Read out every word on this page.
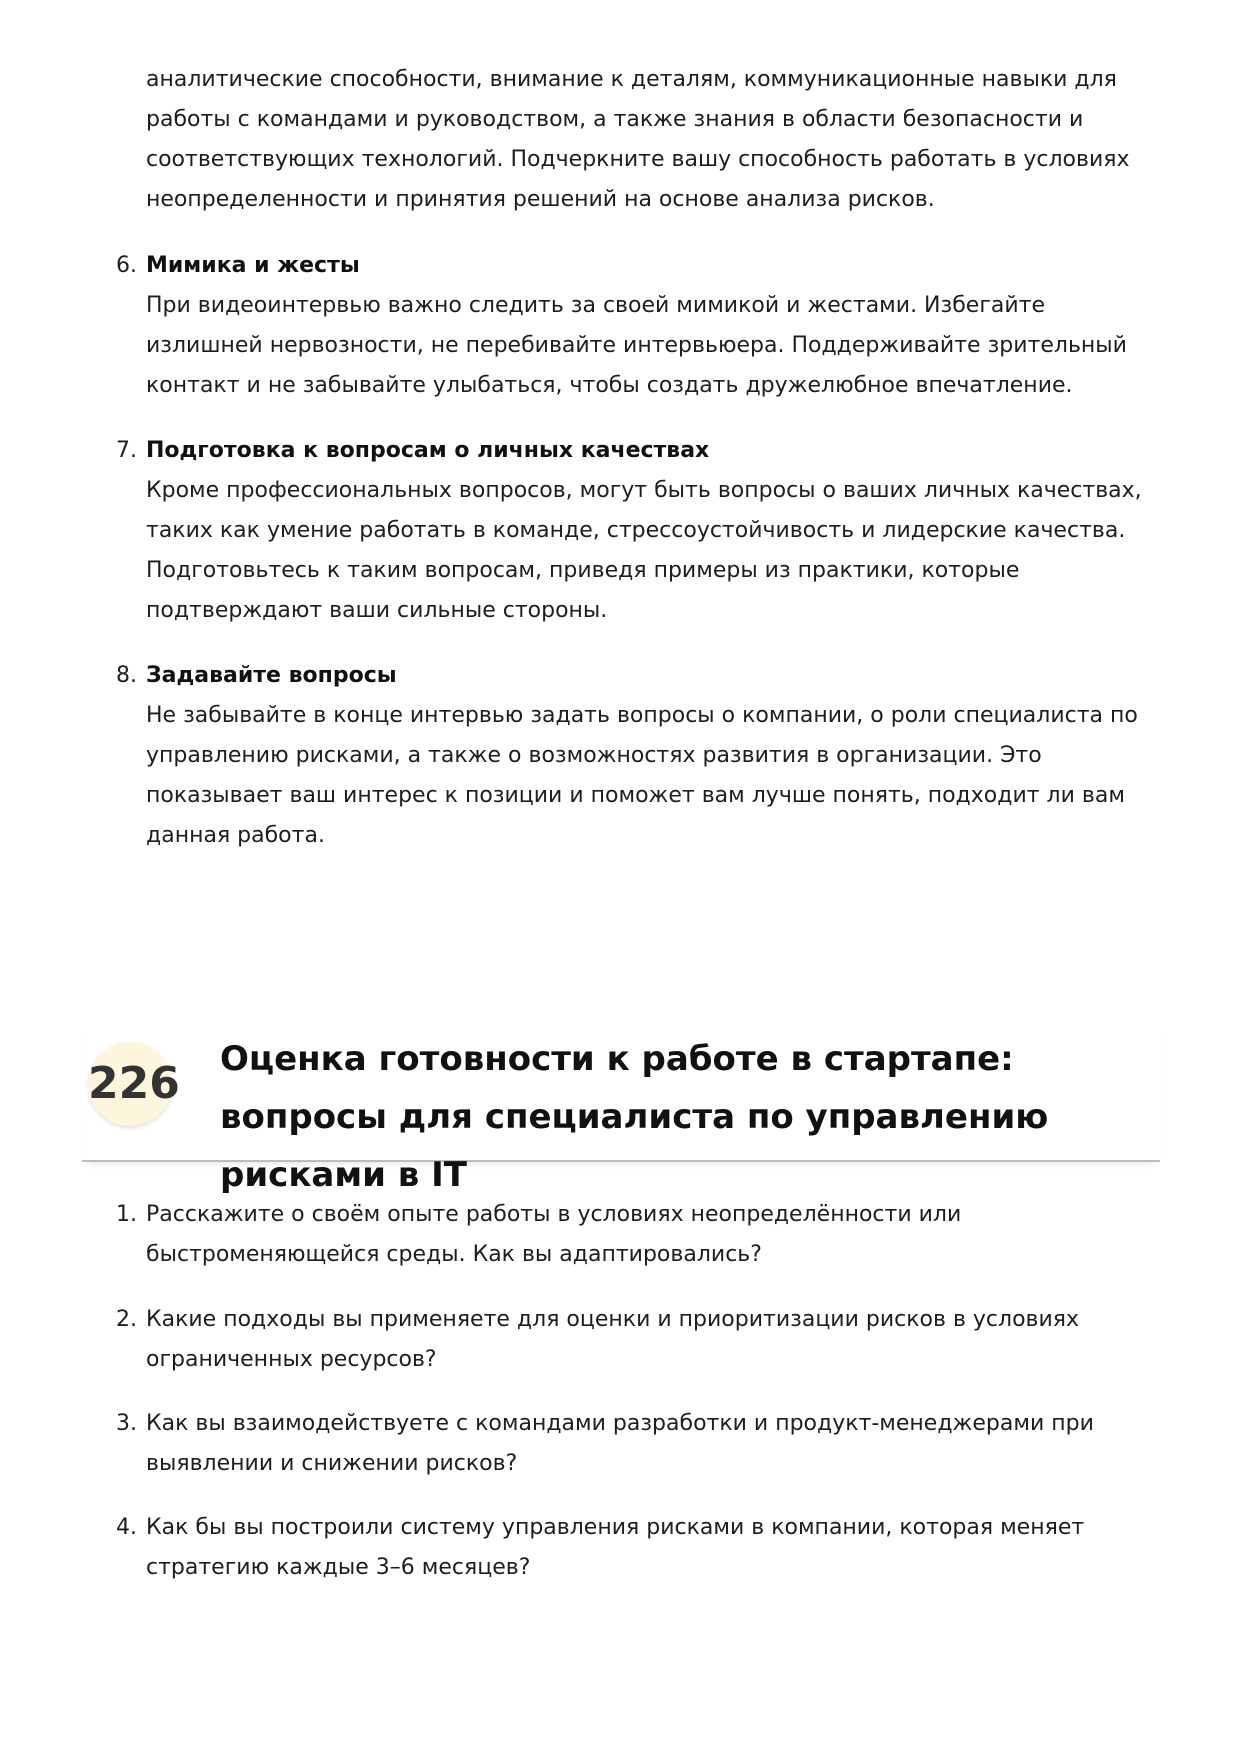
аналитические способности, внимание к деталям, коммуникационные навыки для работы с командами и руководством, а также знания в области безопасности и соответствующих технологий. Подчеркните вашу способность работать в условиях неопределенности и принятия решений на основе анализа рисков.

6. Мимика и жесты
При видеоинтервью важно следить за своей мимикой и жестами. Избегайте излишней нервозности, не перебивайте интервьюера. Поддерживайте зрительный контакт и не забывайте улыбаться, чтобы создать дружелюбное впечатление.
7. Подготовка к вопросам о личных качествах
Кроме профессиональных вопросов, могут быть вопросы о ваших личных качествах, таких как умение работать в команде, стрессоустойчивость и лидерские качества. Подготовьтесь к таким вопросам, приведя примеры из практики, которые подтверждают ваши сильные стороны.
8. Задавайте вопросы
Не забывайте в конце интервью задать вопросы о компании, о роли специалиста по управлению рисками, а также о возможностях развития в организации. Это показывает ваш интерес к позиции и поможет вам лучше понять, подходит ли вам данная работа.
226 Оценка готовности к работе в стартапе: вопросы для специалиста по управлению рисками в IT
1. Расскажите о своём опыте работы в условиях неопределённости или быстроменяющейся среды. Как вы адаптировались?
2. Какие подходы вы применяете для оценки и приоритизации рисков в условиях ограниченных ресурсов?
3. Как вы взаимодействуете с командами разработки и продукт-менеджерами при выявлении и снижении рисков?
4. Как бы вы построили систему управления рисками в компании, которая меняет стратегию каждые 3–6 месяцев?
